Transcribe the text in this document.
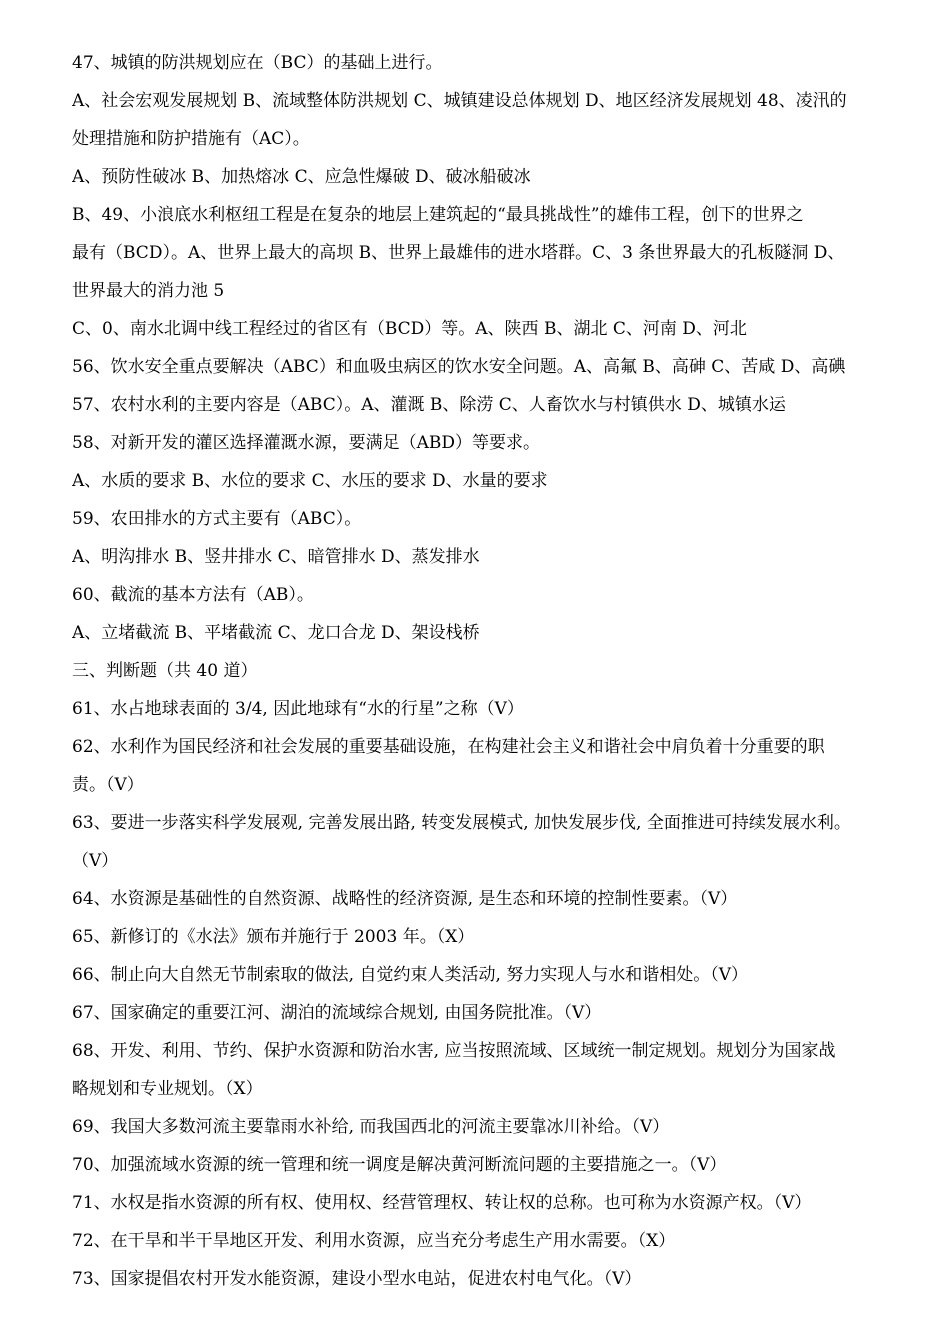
47、城镇的防洪规划应在（BC）的基础上进行。
A、社会宏观发展规划 B、流域整体防洪规划 C、城镇建设总体规划 D、地区经济发展规划 48、凌汛的
处理措施和防护措施有（AC）。
A、预防性破冰 B、加热熔冰 C、应急性爆破 D、破冰船破冰
B、49、小浪底水利枢纽工程是在复杂的地层上建筑起的“最具挑战性”的雄伟工程，创下的世界之
最有（BCD）。A、世界上最大的高坝 B、世界上最雄伟的进水塔群。C、3 条世界最大的孔板隧洞 D、
世界最大的消力池 5
C、0、南水北调中线工程经过的省区有（BCD）等。A、陕西 B、湖北 C、河南 D、河北
56、饮水安全重点要解决（ABC）和血吸虫病区的饮水安全问题。A、高氟 B、高砷 C、苦咸 D、高碘
57、农村水利的主要内容是（ABC）。A、灌溉 B、除涝 C、人畜饮水与村镇供水 D、城镇水运
58、对新开发的灌区选择灌溉水源，要满足（ABD）等要求。
A、水质的要求 B、水位的要求 C、水压的要求 D、水量的要求
59、农田排水的方式主要有（ABC）。
A、明沟排水 B、竖井排水 C、暗管排水 D、蒸发排水
60、截流的基本方法有（AB）。
A、立堵截流 B、平堵截流 C、龙口合龙 D、架设栈桥
三、判断题（共 40 道）
61、水占地球表面的 3/4, 因此地球有“水的行星”之称（V）
62、水利作为国民经济和社会发展的重要基础设施，在构建社会主义和谐社会中肩负着十分重要的职
责。（V）
63、要进一步落实科学发展观, 完善发展出路, 转变发展模式, 加快发展步伐, 全面推进可持续发展水利。
（V）
64、水资源是基础性的自然资源、战略性的经济资源, 是生态和环境的控制性要素。（V）
65、新修订的《水法》颁布并施行于 2003 年。（X）
66、制止向大自然无节制索取的做法, 自觉约束人类活动, 努力实现人与水和谐相处。（V）
67、国家确定的重要江河、湖泊的流域综合规划, 由国务院批准。（V）
68、开发、利用、节约、保护水资源和防治水害, 应当按照流域、区域统一制定规划。规划分为国家战
略规划和专业规划。（X）
69、我国大多数河流主要靠雨水补给, 而我国西北的河流主要靠冰川补给。（V）
70、加强流域水资源的统一管理和统一调度是解决黄河断流问题的主要措施之一。（V）
71、水权是指水资源的所有权、使用权、经营管理权、转让权的总称。也可称为水资源产权。（V）
72、在干旱和半干旱地区开发、利用水资源，应当充分考虑生产用水需要。（X）
73、国家提倡农村开发水能资源，建设小型水电站，促进农村电气化。（V）
